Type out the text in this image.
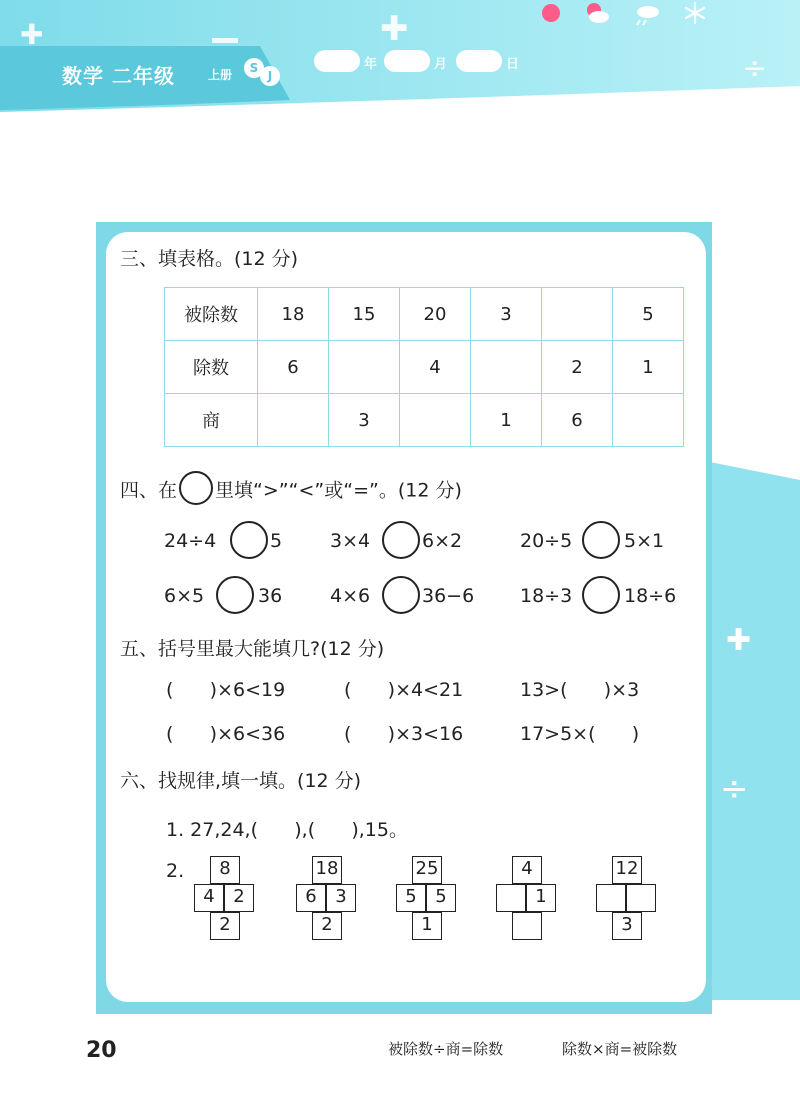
✚
✚
÷
数学 二年级	上册	S
J
年	月	日
✚
÷
三、填表格。(12 分)
被除数	18	15	20	3		5
除数	6		4		2	1
商		3		1	6	
四、在 里填“>”“<”或“=”。(12 分)
24÷4	5	3×4	6×2	20÷5	5×1
6×5	36	4×6	36−6 18÷3	18÷6
五、括号里最大能填几?(12 分)
(      )×6<19	(      )×4<21	13>(      )×3
(      )×6<36	(      )×3<16	17>5×(      )
六、找规律,填一填。(12 分)
1. 27,24,(      ),(      ),15。
2.	8
4	2
2
18
6	3
2
25
5	5
1
4
1
12
3
20	被除数÷商=除数	除数×商=被除数
